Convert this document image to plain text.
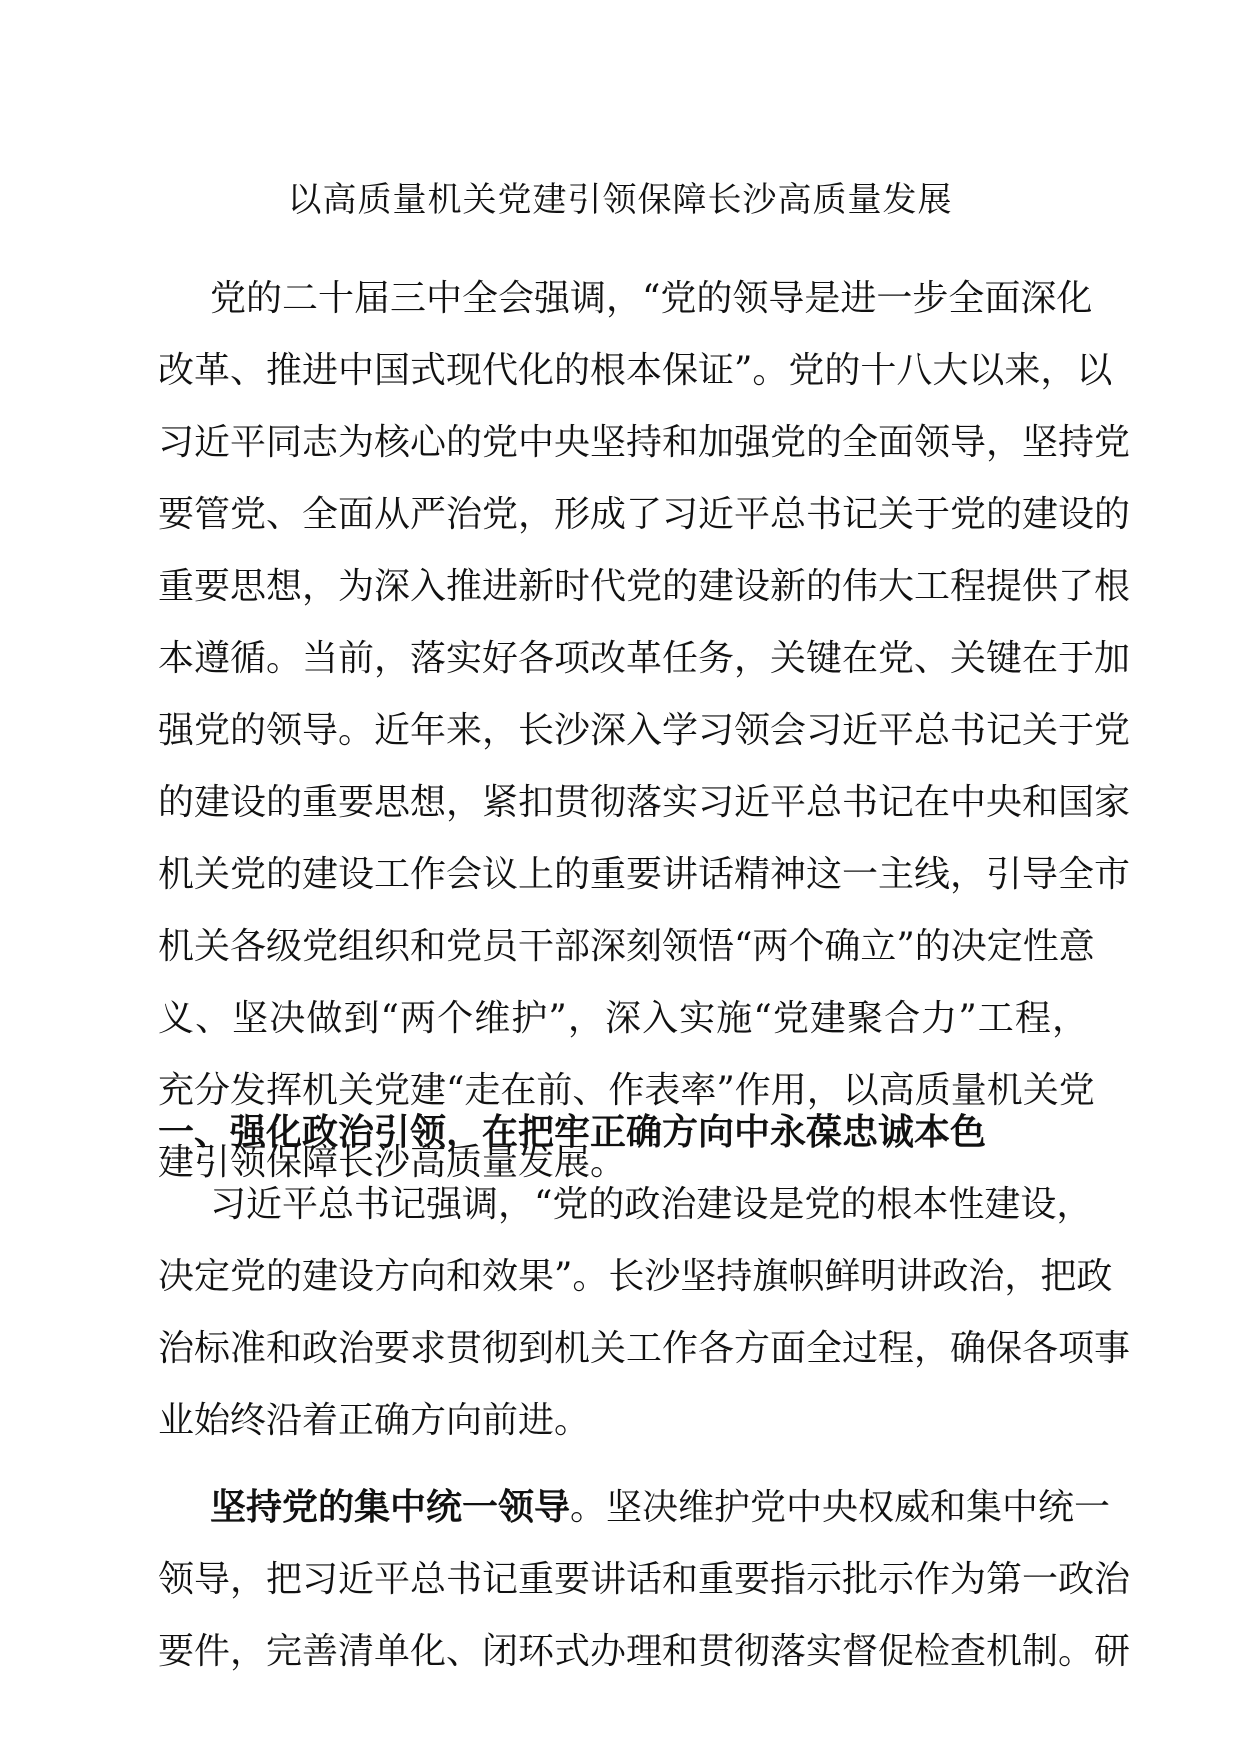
以高质量机关党建引领保障长沙高质量发展
党的二十届三中全会强调，“党的领导是进一步全面深化
改革、推进中国式现代化的根本保证”。党的十八大以来，以
习近平同志为核心的党中央坚持和加强党的全面领导，坚持党
要管党、全面从严治党，形成了习近平总书记关于党的建设的
重要思想，为深入推进新时代党的建设新的伟大工程提供了根
本遵循。当前，落实好各项改革任务，关键在党、关键在于加
强党的领导。近年来，长沙深入学习领会习近平总书记关于党
的建设的重要思想，紧扣贯彻落实习近平总书记在中央和国家
机关党的建设工作会议上的重要讲话精神这一主线，引导全市
机关各级党组织和党员干部深刻领悟“两个确立”的决定性意
义、坚决做到“两个维护”，深入实施“党建聚合力”工程，
充分发挥机关党建“走在前、作表率”作用，以高质量机关党
建引领保障长沙高质量发展。
一、强化政治引领，在把牢正确方向中永葆忠诚本色
习近平总书记强调，“党的政治建设是党的根本性建设，
决定党的建设方向和效果”。长沙坚持旗帜鲜明讲政治，把政
治标准和政治要求贯彻到机关工作各方面全过程，确保各项事
业始终沿着正确方向前进。
坚持党的集中统一领导。坚决维护党中央权威和集中统一
领导，把习近平总书记重要讲话和重要指示批示作为第一政治
要件，完善清单化、闭环式办理和贯彻落实督促检查机制。研
